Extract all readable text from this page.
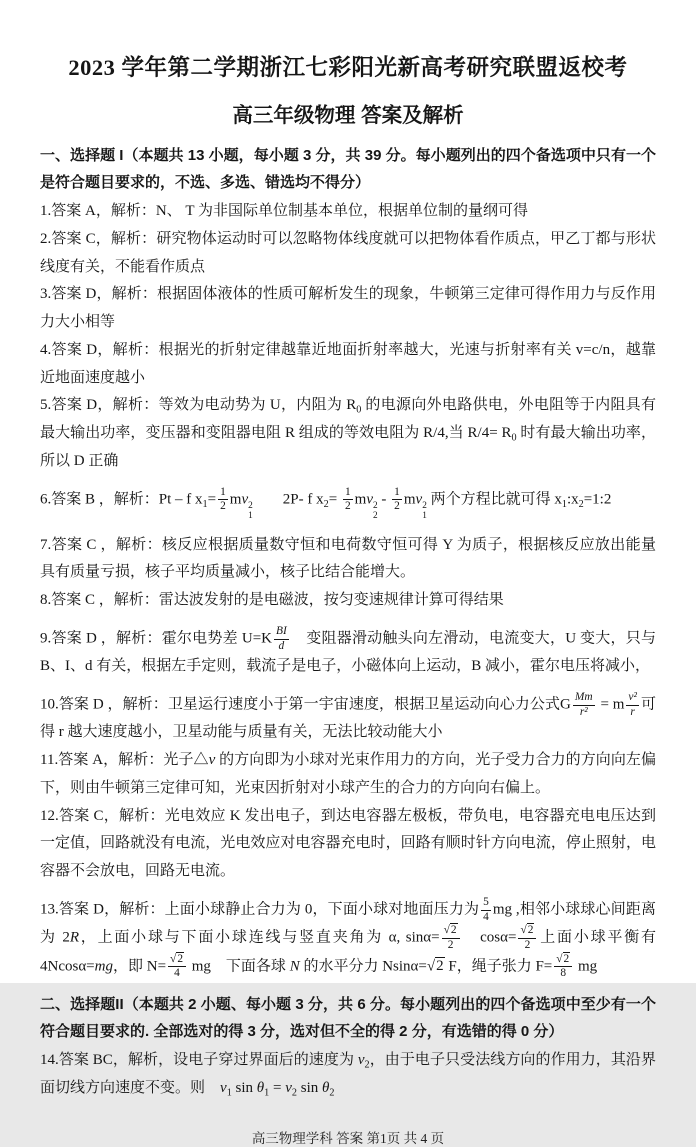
2023 学年第二学期浙江七彩阳光新高考研究联盟返校考
高三年级物理 答案及解析

一、选择题 I（本题共 13 小题，每小题 3 分，共 39 分。每小题列出的四个备选项中只有一个是符合题目要求的，不选、多选、错选均不得分）

1.答案 A，解析：N、 T 为非国际单位制基本单位，根据单位制的量纲可得

2.答案 C，解析：研究物体运动时可以忽略物体线度就可以把物体看作质点，甲乙丁都与形状线度有关，不能看作质点

3.答案 D，解析：根据固体液体的性质可解析发生的现象，牛顿第三定律可得作用力与反作用力大小相等

4.答案 D，解析：根据光的折射定律越靠近地面折射率越大，光速与折射率有关 v=c/n，越靠近地面速度越小

5.答案 D，解析：等效为电动势为 U，内阻为 $R_0$ 的电源向外电路供电，外电阻等于内阻具有最大输出功率，变压器和变阻器电阻 R 组成的等效电阻为 R/4,当 $R/4= R_0$ 时有最大输出功率，所以 D 正确

6.答案 B ，解析：Pt – f $x_1= \frac{1}{2}$ mv 2
1
　　2P- f $x_2= \frac{1}{2}$ mv 2
2
- $\frac{1}{2}$ mv 2
1
两个方程比就可得 $x_1:x_2=1:2$

7.答案 C ，解析：核反应根据质量数守恒和电荷数守恒可得 Y 为质子，根据核反应放出能量具有质量亏损，核子平均质量减小，核子比结合能增大。

8.答案 C ，解析：雷达波发射的是电磁波，按匀变速规律计算可得结果

9.答案 D ，解析：霍尔电势差 $U=K \frac{BI}{d}$ 　变阻器滑动触头向左滑动，电流变大，U 变大，只与 B、I、d 有关，根据左手定则，载流子是电子，小磁体向上运动，B 减小，霍尔电压将减小，

10.答案 D ，解析：卫星运行速度小于第一宇宙速度，根据卫星运动向心力公式G $\frac{Mm}{\text{r²}} = m \frac{\text{v²}}{r}$ 可得 r 越大速度越小，卫星动能与质量有关，无法比较动能大小

11.答案 A，解析：光子△v 的方向即为小球对光束作用力的方向，光子受力合力的方向向左偏下，则由牛顿第三定律可知，光束因折射对小球产生的合力的方向向右偏上。

12.答案 C，解析：光电效应 K 发出电子，到达电容器左极板，带负电，电容器充电电压达到一定值，回路就没有电流，光电效应对电容器充电时，回路有顺时针方向电流，停止照射，电容器不会放电，回路无电流。

13.答案 D，解析：上面小球静止合力为 0，下面小球对地面压力为 $\frac{5}{4}$ mg ,相邻小球球心间距离为 2R，上面小球与下面小球连线与竖直夹角为 α, $\sin\alpha= \frac{√2}{2}$ 　$\cos\alpha= \frac{√2}{2}$ 上面小球平衡有 4Ncosα=mg，即 $N= \frac{√2}{4}$ mg　下面各球 N 的水平分力 Nsinα=√2 F，绳子张力 $F= \frac{√2}{8}$ mg

二、选择题II（本题共 2 小题、每小题 3 分，共 6 分。每小题列出的四个备选项中至少有一个符合题目要求的. 全部选对的得 3 分，选对但不全的得 2 分，有选错的得 0 分）

14.答案 BC，解析，设电子穿过界面后的速度为 $v_2$，由于电子只受法线方向的作用力，其沿界面切线方向速度不变。则　$v_1$ $\sin \theta_1 = v_2$ $\sin \theta_2$

高三物理学科 答案 第1页 共 4 页
